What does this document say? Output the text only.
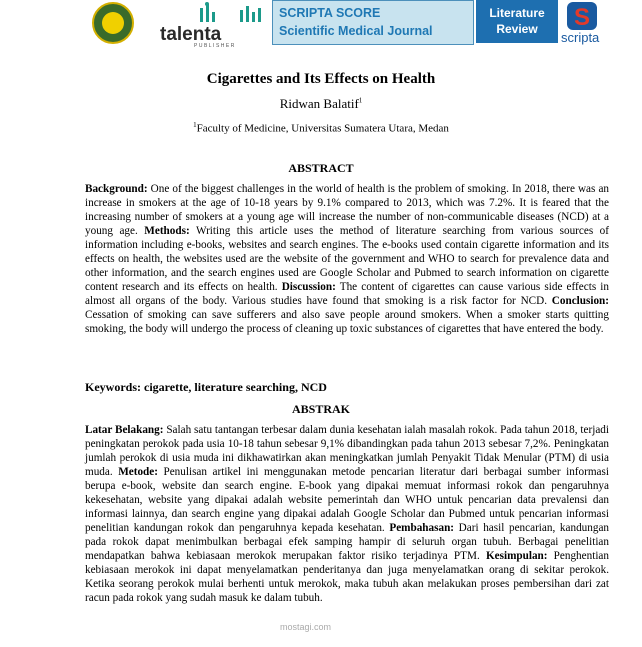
talenta
PUBLISHER
SCRIPTA SCORE
Scientific Medical Journal
Literature
Review	S
scripta
Cigarettes and Its Effects on Health
Ridwan Balatif$^1$
$^1$Faculty of Medicine, Universitas Sumatera Utara, Medan
ABSTRACT
Background: One of the biggest challenges in the world of health is the problem of smoking. In 2018, there was an increase in smokers at the age of 10-18 years by 9.1% compared to 2013, which was 7.2%. It is feared that the increasing number of smokers at a young age will increase the number of non-communicable diseases (NCD) at a young age. Methods: Writing this article uses the method of literature searching from various sources of information including e-books, websites and search engines. The e-books used contain cigarette information and its effects on health, the websites used are the website of the government and WHO to search for prevalence data and other information, and the search engines used are Google Scholar and Pubmed to search information on cigarette content research and its effects on health. Discussion: The content of cigarettes can cause various side effects in almost all organs of the body. Various studies have found that smoking is a risk factor for NCD. Conclusion: Cessation of smoking can save sufferers and also save people around smokers. When a smoker starts quitting smoking, the body will undergo the process of cleaning up toxic substances of cigarettes that have entered the body.
Keywords: cigarette, literature searching, NCD
ABSTRAK
Latar Belakang: Salah satu tantangan terbesar dalam dunia kesehatan ialah masalah rokok. Pada tahun 2018, terjadi peningkatan perokok pada usia 10-18 tahun sebesar 9,1% dibandingkan pada tahun 2013 sebesar 7,2%. Peningkatan jumlah perokok di usia muda ini dikhawatirkan akan meningkatkan jumlah Penyakit Tidak Menular (PTM) di usia muda. Metode: Penulisan artikel ini menggunakan metode pencarian literatur dari berbagai sumber informasi berupa e-book, website dan search engine. E-book yang dipakai memuat informasi rokok dan pengaruhnya kekesehatan, website yang dipakai adalah website pemerintah dan WHO untuk pencarian data prevalensi dan informasi lainnya, dan search engine yang dipakai adalah Google Scholar dan Pubmed untuk pencarian informasi penelitian kandungan rokok dan pengaruhnya kepada kesehatan. Pembahasan: Dari hasil pencarian, kandungan pada rokok dapat menimbulkan berbagai efek samping hampir di seluruh organ tubuh. Berbagai penelitian mendapatkan bahwa kebiasaan merokok merupakan faktor risiko terjadinya PTM. Kesimpulan: Penghentian kebiasaan merokok ini dapat menyelamatkan penderitanya dan juga menyelamatkan orang di sekitar perokok. Ketika seorang perokok mulai berhenti untuk merokok, maka tubuh akan melakukan proses pembersihan dari zat racun pada rokok yang sudah masuk ke dalam tubuh.
mostagi.com
